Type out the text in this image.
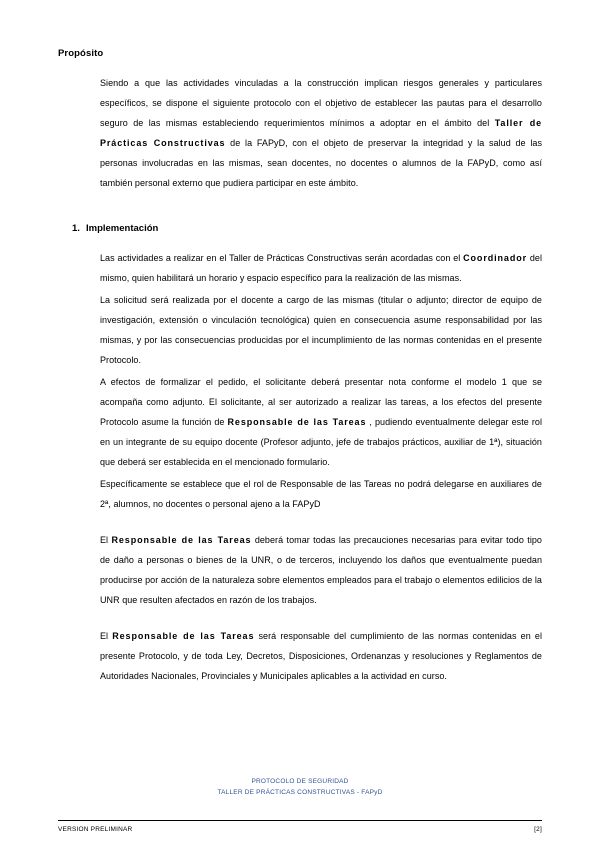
Propósito

Siendo a que las actividades vinculadas a la construcción implican riesgos generales y particulares específicos, se dispone el siguiente protocolo con el objetivo de establecer las pautas para el desarrollo seguro de las mismas estableciendo requerimientos mínimos a adoptar en el ámbito del Taller de Prácticas Constructivas de la FAPyD, con el objeto de preservar la integridad y la salud de las personas involucradas en las mismas, sean docentes, no docentes o alumnos de la FAPyD, como así también personal externo que pudiera participar en este ámbito.

1. Implementación

Las actividades a realizar en el Taller de Prácticas Constructivas serán acordadas con el Coordinador del mismo, quien habilitará un horario y espacio específico para la realización de las mismas.

La solicitud será realizada por el docente a cargo de las mismas (titular o adjunto; director de equipo de investigación, extensión o vinculación tecnológica) quien en consecuencia asume responsabilidad por las mismas, y por las consecuencias producidas por el incumplimiento de las normas contenidas en el presente Protocolo.

A efectos de formalizar el pedido, el solicitante deberá presentar nota conforme el modelo 1 que se acompaña como adjunto. El solicitante, al ser autorizado a realizar las tareas, a los efectos del presente Protocolo asume la función de Responsable de las Tareas , pudiendo eventualmente delegar este rol en un integrante de su equipo docente (Profesor adjunto, jefe de trabajos prácticos, auxiliar de 1ª), situación que deberá ser establecida en el mencionado formulario.

Específicamente se establece que el rol de Responsable de las Tareas no podrá delegarse en auxiliares de 2ª, alumnos, no docentes o personal ajeno a la FAPyD

El Responsable de las Tareas deberá tomar todas las precauciones necesarias para evitar todo tipo de daño a personas o bienes de la UNR, o de terceros, incluyendo los daños que eventualmente puedan producirse por acción de la naturaleza sobre elementos empleados para el trabajo o elementos edilicios de la UNR que resulten afectados en razón de los trabajos.

El Responsable de las Tareas será responsable del cumplimiento de las normas contenidas en el presente Protocolo, y de toda Ley, Decretos, Disposiciones, Ordenanzas y resoluciones y Reglamentos de Autoridades Nacionales, Provinciales y Municipales aplicables a la actividad en curso.

PROTOCOLO DE SEGURIDAD
TALLER DE PRÁCTICAS CONSTRUCTIVAS - FAPyD
VERSION PRELIMINAR	[2]
